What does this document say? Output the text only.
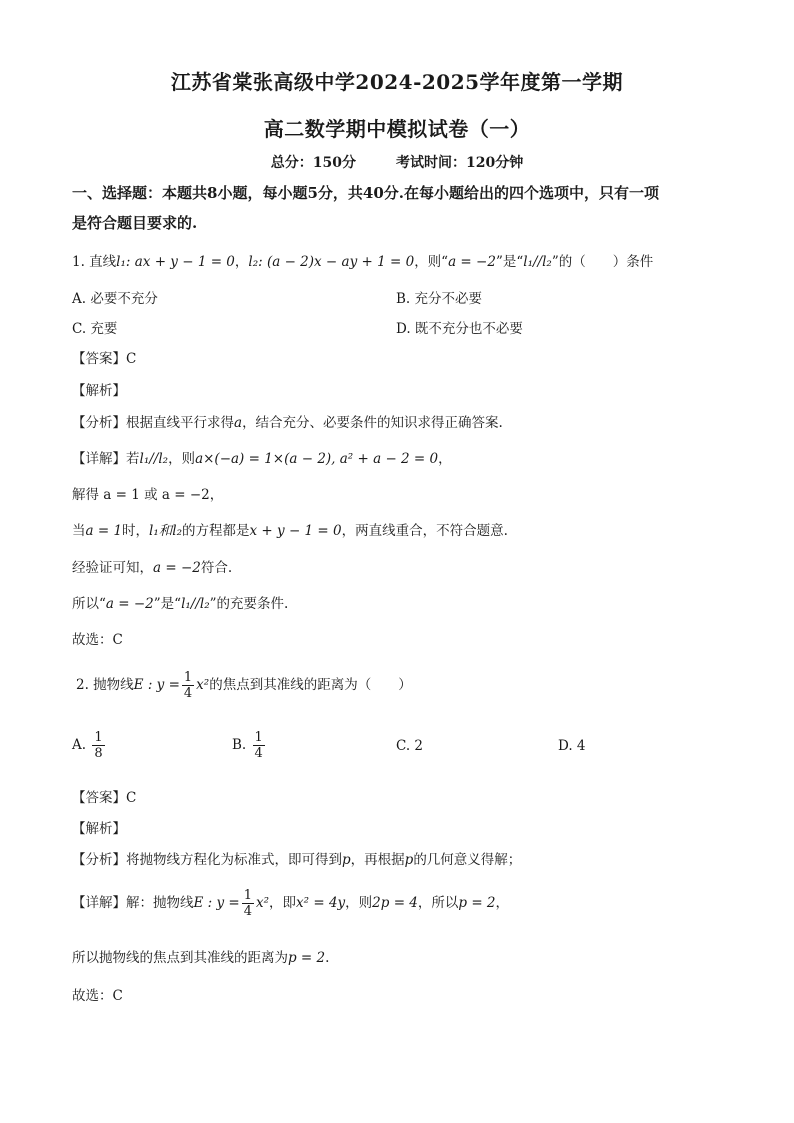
江苏省棠张高级中学2024-2025学年度第一学期
高二数学期中模拟试卷（一）
总分：150分	考试时间：120分钟
一、选择题：本题共8小题，每小题5分，共40分.在每小题给出的四个选项中，只有一项
是符合题目要求的.
1. 直线l₁: ax + y − 1 = 0，l₂: (a − 2)x − ay + 1 = 0，则“a = −2”是“l₁//l₂”的（　　）条件
A. 必要不充分	B. 充分不必要
C. 充要	D. 既不充分也不必要
【答案】C
【解析】
【分析】根据直线平行求得a，结合充分、必要条件的知识求得正确答案.
【详解】若l₁//l₂，则a×(−a) = 1×(a − 2), a² + a − 2 = 0，
解得 a = 1 或 a = −2，
当a = 1时，l₁和l₂的方程都是x + y − 1 = 0，两直线重合，不符合题意.
经验证可知，a = −2符合.
所以“a = −2”是“l₁//l₂”的充要条件.
故选：C
2. 抛物线E : $y = \frac{1}{4} x^2$的焦点到其准线的距离为（　　）
A. $\frac{1}{8}$	B. $\frac{1}{4}$	C. 2	D. 4
【答案】C
【解析】
【分析】将抛物线方程化为标准式，即可得到p，再根据p的几何意义得解；
【详解】解：抛物线E : $y = \frac{1}{4} x^2$，即x² = 4y，则2p = 4，所以p = 2，
所以抛物线的焦点到其准线的距离为p = 2.
故选：C
